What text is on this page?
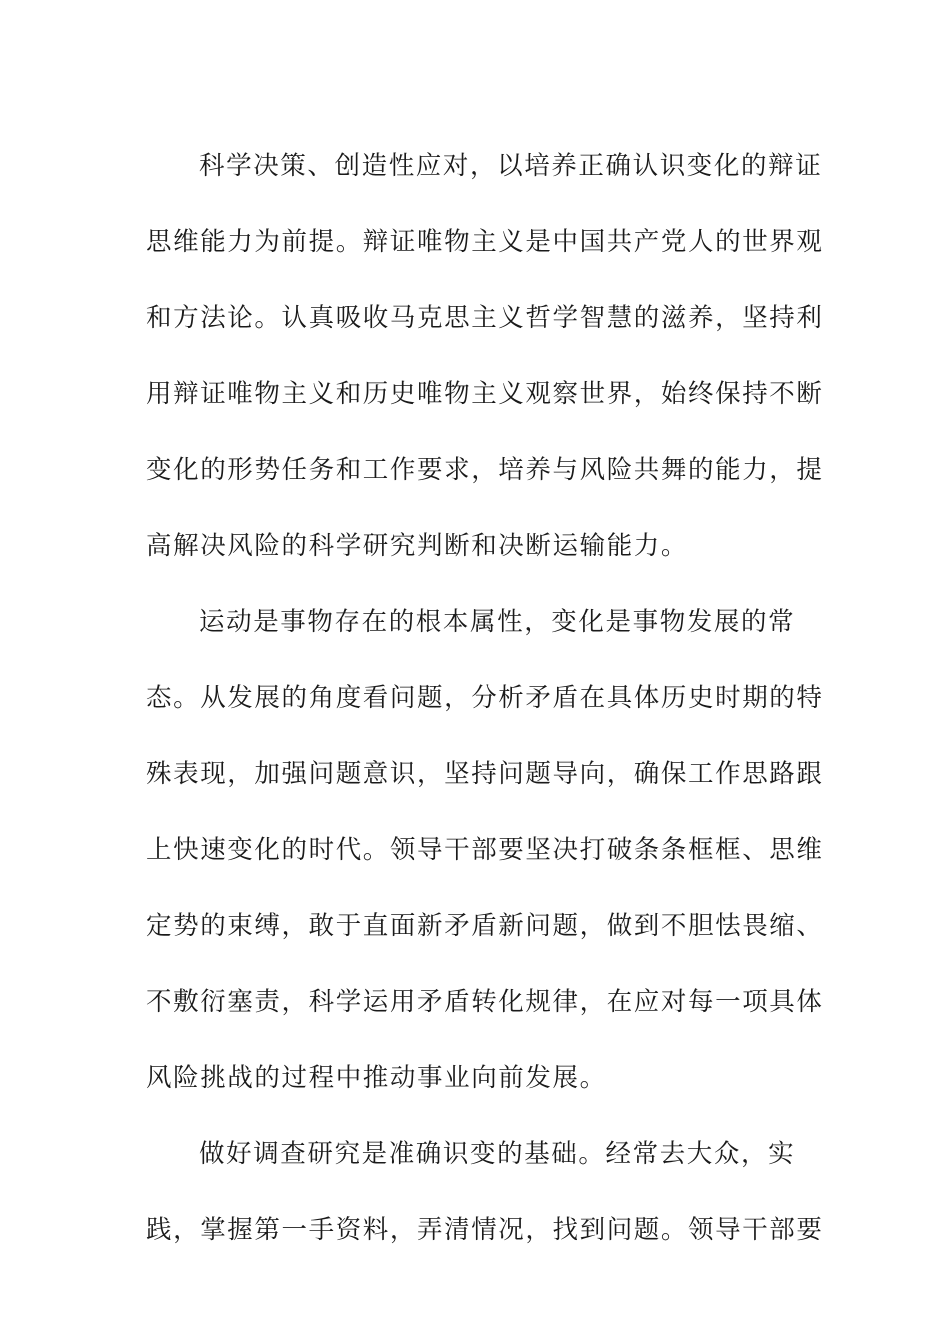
科学决策、创造性应对，以培养正确认识变化的辩证
思维能力为前提。辩证唯物主义是中国共产党人的世界观
和方法论。认真吸收马克思主义哲学智慧的滋养，坚持利
用辩证唯物主义和历史唯物主义观察世界，始终保持不断
变化的形势任务和工作要求，培养与风险共舞的能力，提
高解决风险的科学研究判断和决断运输能力。
运动是事物存在的根本属性，变化是事物发展的常
态。从发展的角度看问题，分析矛盾在具体历史时期的特
殊表现，加强问题意识，坚持问题导向，确保工作思路跟
上快速变化的时代。领导干部要坚决打破条条框框、思维
定势的束缚，敢于直面新矛盾新问题，做到不胆怯畏缩、
不敷衍塞责，科学运用矛盾转化规律，在应对每一项具体
风险挑战的过程中推动事业向前发展。
做好调查研究是准确识变的基础。经常去大众，实
践，掌握第一手资料，弄清情况，找到问题。领导干部要
